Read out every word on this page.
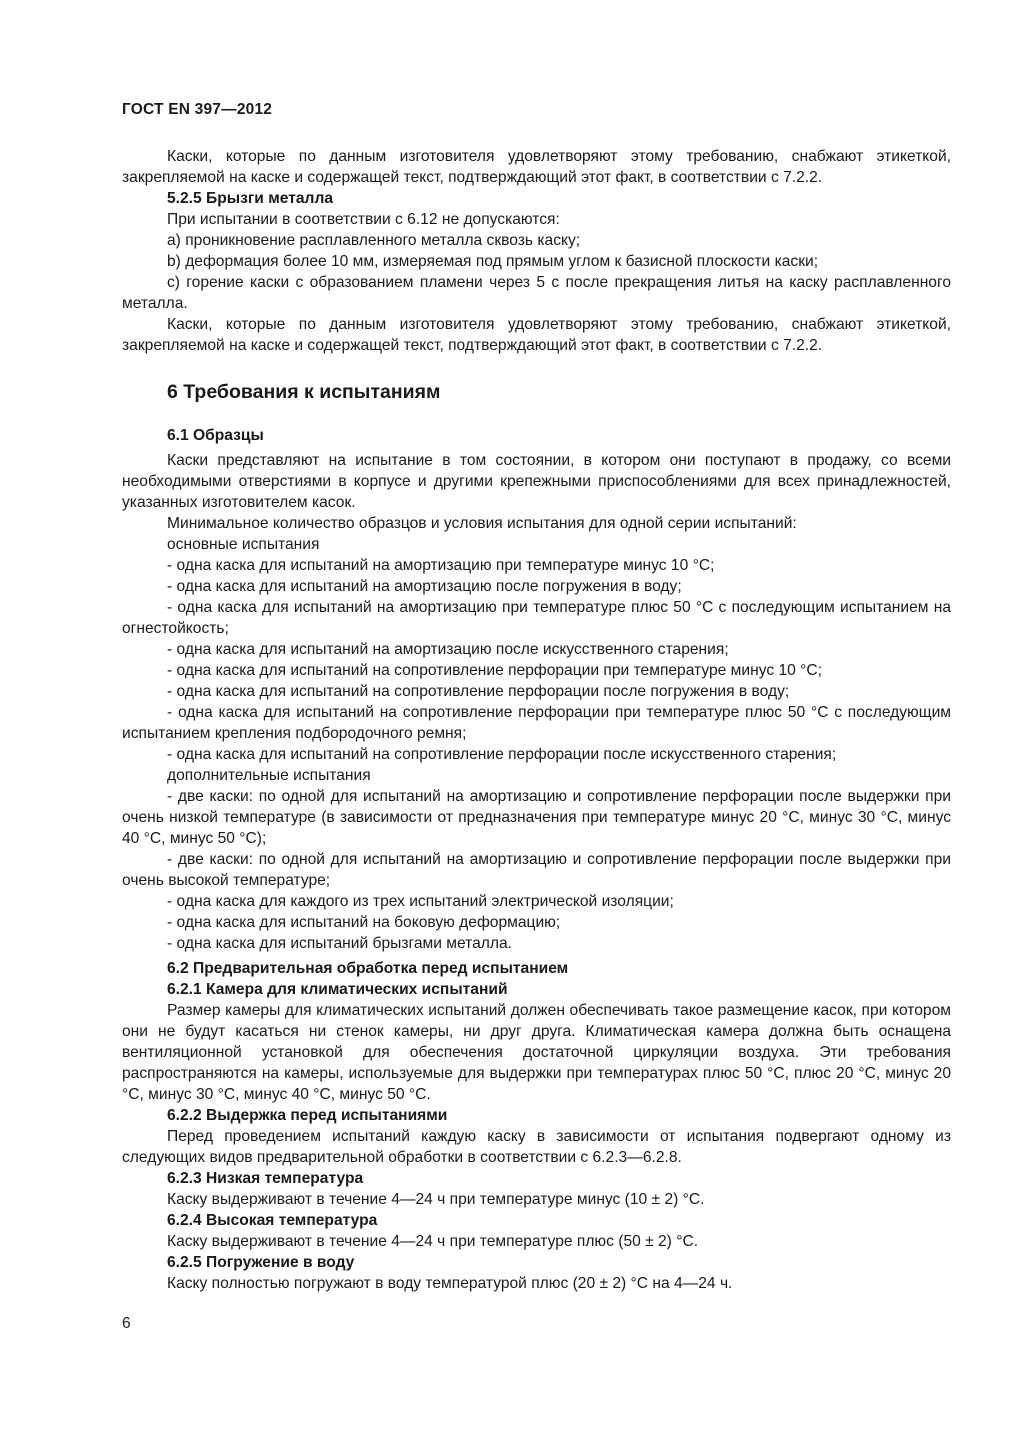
ГОСТ EN 397—2012

Каски, которые по данным изготовителя удовлетворяют этому требованию, снабжают этикеткой, закрепляемой на каске и содержащей текст, подтверждающий этот факт, в соответствии с 7.2.2.

5.2.5 Брызги металла

При испытании в соответствии с 6.12 не допускаются:

a) проникновение расплавленного металла сквозь каску;

b) деформация более 10 мм, измеряемая под прямым углом к базисной плоскости каски;

c) горение каски с образованием пламени через 5 с после прекращения литья на каску расплавленного металла.

Каски, которые по данным изготовителя удовлетворяют этому требованию, снабжают этикеткой, закрепляемой на каске и содержащей текст, подтверждающий этот факт, в соответствии с 7.2.2.

6 Требования к испытаниям

6.1 Образцы

Каски представляют на испытание в том состоянии, в котором они поступают в продажу, со всеми необходимыми отверстиями в корпусе и другими крепежными приспособлениями для всех принадлежностей, указанных изготовителем касок.

Минимальное количество образцов и условия испытания для одной серии испытаний:

основные испытания

- одна каска для испытаний на амортизацию при температуре минус 10 °С;

- одна каска для испытаний на амортизацию после погружения в воду;

- одна каска для испытаний на амортизацию при температуре плюс 50 °С с последующим испытанием на огнестойкость;

- одна каска для испытаний на амортизацию после искусственного старения;

- одна каска для испытаний на сопротивление перфорации при температуре минус 10 °С;

- одна каска для испытаний на сопротивление перфорации после погружения в воду;

- одна каска для испытаний на сопротивление перфорации при температуре плюс 50 °С с последующим испытанием крепления подбородочного ремня;

- одна каска для испытаний на сопротивление перфорации после искусственного старения;

дополнительные испытания

- две каски: по одной для испытаний на амортизацию и сопротивление перфорации после выдержки при очень низкой температуре (в зависимости от предназначения при температуре минус 20 °С, минус 30 °С, минус 40 °С, минус 50 °С);

- две каски: по одной для испытаний на амортизацию и сопротивление перфорации после выдержки при очень высокой температуре;

- одна каска для каждого из трех испытаний электрической изоляции;

- одна каска для испытаний на боковую деформацию;

- одна каска для испытаний брызгами металла.

6.2 Предварительная обработка перед испытанием

6.2.1 Камера для климатических испытаний

Размер камеры для климатических испытаний должен обеспечивать такое размещение касок, при котором они не будут касаться ни стенок камеры, ни друг друга. Климатическая камера должна быть оснащена вентиляционной установкой для обеспечения достаточной циркуляции воздуха. Эти требования распространяются на камеры, используемые для выдержки при температурах плюс 50 °С, плюс 20 °С, минус 20 °С, минус 30 °С, минус 40 °С, минус 50 °С.

6.2.2 Выдержка перед испытаниями

Перед проведением испытаний каждую каску в зависимости от испытания подвергают одному из следующих видов предварительной обработки в соответствии с 6.2.3—6.2.8.

6.2.3 Низкая температура

Каску выдерживают в течение 4—24 ч при температуре минус (10 ± 2) °С.

6.2.4 Высокая температура

Каску выдерживают в течение 4—24 ч при температуре плюс (50 ± 2) °С.

6.2.5 Погружение в воду

Каску полностью погружают в воду температурой плюс (20 ± 2) °С на 4—24 ч.

6
